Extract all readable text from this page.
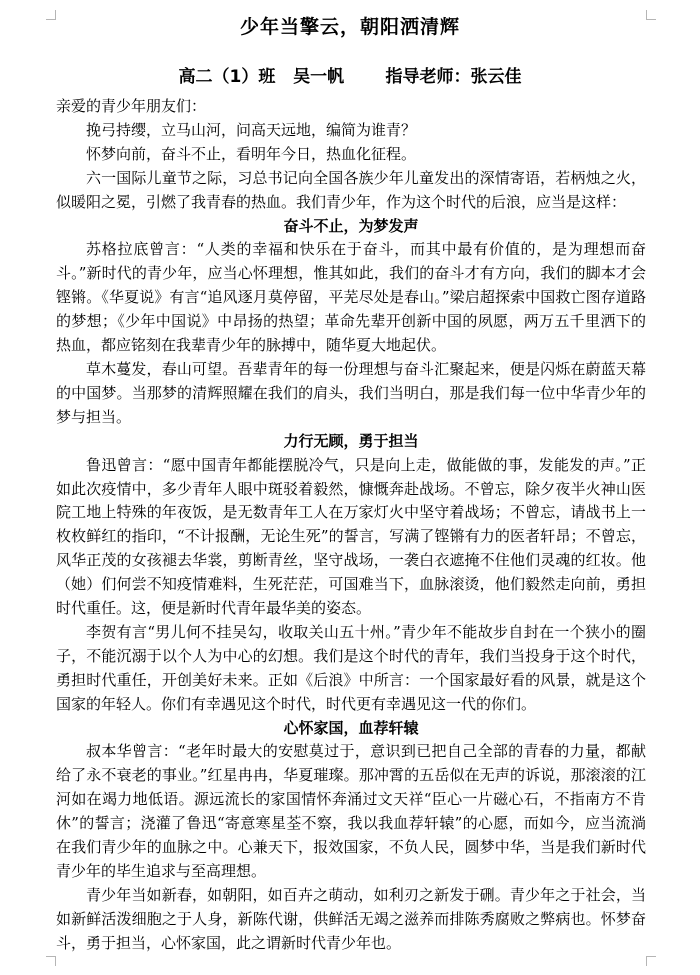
少年当擎云，朝阳洒清辉
高二（1）班   吴一帆       指导老师：张云佳

亲爱的青少年朋友们：

挽弓持缨，立马山河，问高天远地，编简为谁青？

怀梦向前，奋斗不止，看明年今日，热血化征程。

六一国际儿童节之际，习总书记向全国各族少年儿童发出的深情寄语，若柄烛之火，似暖阳之冕，引燃了我青春的热血。我们青少年，作为这个时代的后浪，应当是这样：

奋斗不止，为梦发声

苏格拉底曾言：“人类的幸福和快乐在于奋斗，而其中最有价值的，是为理想而奋斗。”新时代的青少年，应当心怀理想，惟其如此，我们的奋斗才有方向，我们的脚本才会铿锵。《华夏说》有言“追风逐月莫停留，平芜尽处是春山。”梁启超探索中国救亡图存道路的梦想；《少年中国说》中昂扬的热望；革命先辈开创新中国的夙愿，两万五千里洒下的热血，都应铭刻在我辈青少年的脉搏中，随华夏大地起伏。

草木蔓发，春山可望。吾辈青年的每一份理想与奋斗汇聚起来，便是闪烁在蔚蓝天幕的中国梦。当那梦的清辉照耀在我们的肩头，我们当明白，那是我们每一位中华青少年的梦与担当。

力行无顾，勇于担当

鲁迅曾言：“愿中国青年都能摆脱冷气，只是向上走，做能做的事，发能发的声。”正如此次疫情中，多少青年人眼中斑驳着毅然，慷慨奔赴战场。不曾忘，除夕夜半火神山医院工地上特殊的年夜饭，是无数青年工人在万家灯火中坚守着战场；不曾忘，请战书上一枚枚鲜红的指印，“不计报酬，无论生死”的誓言，写满了铿锵有力的医者轩昂；不曾忘，风华正茂的女孩褪去华裳，剪断青丝，坚守战场，一袭白衣遮掩不住他们灵魂的红妆。他（她）们何尝不知疫情难料，生死茫茫，可国难当下，血脉滚烫，他们毅然走向前，勇担时代重任。这，便是新时代青年最华美的姿态。

李贺有言“男儿何不挂吴勾，收取关山五十州。”青少年不能故步自封在一个狭小的圈子，不能沉溺于以个人为中心的幻想。我们是这个时代的青年，我们当投身于这个时代，勇担时代重任，开创美好未来。正如《后浪》中所言：一个国家最好看的风景，就是这个国家的年轻人。你们有幸遇见这个时代，时代更有幸遇见这一代的你们。

心怀家国，血荐轩辕

叔本华曾言：“老年时最大的安慰莫过于，意识到已把自己全部的青春的力量，都献给了永不衰老的事业。”红星冉冉，华夏璀璨。那冲霄的五岳似在无声的诉说，那滚滚的江河如在竭力地低语。源远流长的家国情怀奔涌过文天祥“臣心一片磁心石，不指南方不肯休”的誓言；浇灌了鲁迅“寄意寒星荃不察，我以我血荐轩辕”的心愿，而如今，应当流淌在我们青少年的血脉之中。心兼天下，报效国家，不负人民，圆梦中华，当是我们新时代青少年的毕生追求与至高理想。

青少年当如新春，如朝阳，如百卉之萌动，如利刃之新发于硎。青少年之于社会，当如新鲜活泼细胞之于人身，新陈代谢，供鲜活无竭之滋养而排陈秀腐败之弊病也。怀梦奋斗，勇于担当，心怀家国，此之谓新时代青少年也。
